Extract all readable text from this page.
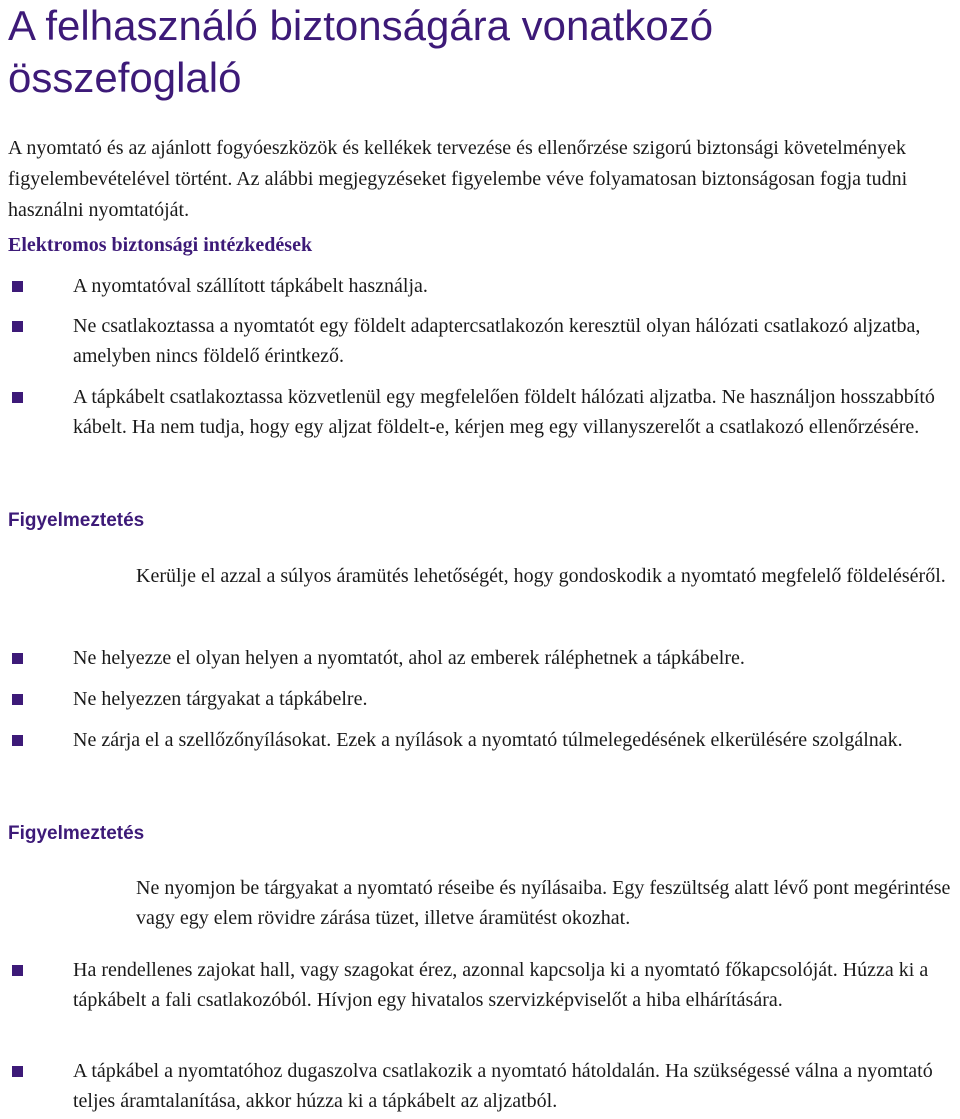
A felhasználó biztonságára vonatkozó összefoglaló

A nyomtató és az ajánlott fogyóeszközök és kellékek tervezése és ellenőrzése szigorú biztonsági követelmények figyelembevételével történt. Az alábbi megjegyzéseket figyelembe véve folyamatosan biztonságosan fogja tudni használni nyomtatóját.

Elektromos biztonsági intézkedések

A nyomtatóval szállított tápkábelt használja.

Ne csatlakoztassa a nyomtatót egy földelt adaptercsatlakozón keresztül olyan hálózati csatlakozó aljzatba, amelyben nincs földelő érintkező.

A tápkábelt csatlakoztassa közvetlenül egy megfelelően földelt hálózati aljzatba. Ne használjon hosszabbító kábelt. Ha nem tudja, hogy egy aljzat földelt-e, kérjen meg egy villanyszerelőt a csatlakozó ellenőrzésére.

Figyelmeztetés

Kerülje el azzal a súlyos áramütés lehetőségét, hogy gondoskodik a nyomtató megfelelő földeléséről.

Ne helyezze el olyan helyen a nyomtatót, ahol az emberek ráléphetnek a tápkábelre.

Ne helyezzen tárgyakat a tápkábelre.

Ne zárja el a szellőzőnyílásokat. Ezek a nyílások a nyomtató túlmelegedésének elkerülésére szolgálnak.

Figyelmeztetés

Ne nyomjon be tárgyakat a nyomtató réseibe és nyílásaiba. Egy feszültség alatt lévő pont megérintése vagy egy elem rövidre zárása tüzet, illetve áramütést okozhat.

Ha rendellenes zajokat hall, vagy szagokat érez, azonnal kapcsolja ki a nyomtató főkapcsolóját. Húzza ki a tápkábelt a fali csatlakozóból. Hívjon egy hivatalos szervizképviselőt a hiba elhárítására.

A tápkábel a nyomtatóhoz dugaszolva csatlakozik a nyomtató hátoldalán. Ha szükségessé válna a nyomtató teljes áramtalanítása, akkor húzza ki a tápkábelt az aljzatból.
